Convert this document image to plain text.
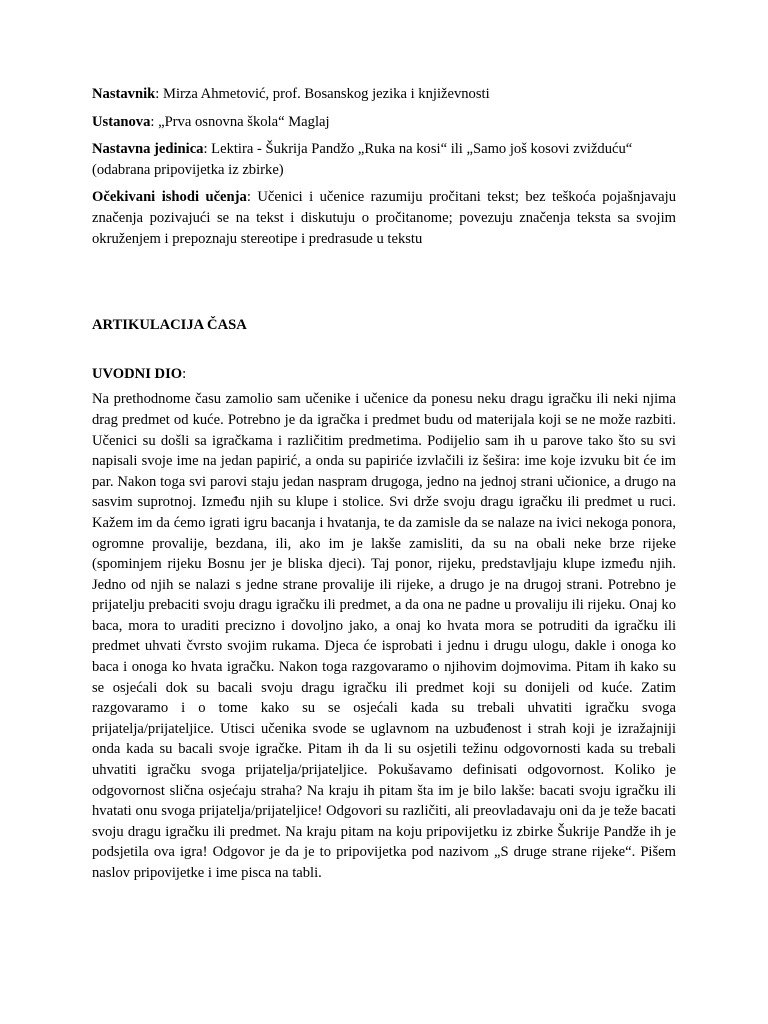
Nastavnik: Mirza Ahmetović, prof. Bosanskog jezika i književnosti

Ustanova: „Prva osnovna škola“ Maglaj

Nastavna jedinica: Lektira - Šukrija Pandžo „Ruka na kosi“ ili „Samo još kosovi zvižduću“ (odabrana pripovijetka iz zbirke)

Očekivani ishodi učenja: Učenici i učenice razumiju pročitani tekst; bez teškoća pojašnjavaju značenja pozivajući se na tekst i diskutuju o pročitanome; povezuju značenja teksta sa svojim okruženjem i prepoznaju stereotipe i predrasude u tekstu

ARTIKULACIJA ČASA

UVODNI DIO:

Na prethodnome času zamolio sam učenike i učenice da ponesu neku dragu igračku ili neki njima drag predmet od kuće. Potrebno je da igračka i predmet budu od materijala koji se ne može razbiti. Učenici su došli sa igračkama i različitim predmetima. Podijelio sam ih u parove tako što su svi napisali svoje ime na jedan papirić, a onda su papiriće izvlačili iz šešira: ime koje izvuku bit će im par. Nakon toga svi parovi staju jedan naspram drugoga, jedno na jednoj strani učionice, a drugo na sasvim suprotnoj. Između njih su klupe i stolice. Svi drže svoju dragu igračku ili predmet u ruci. Kažem im da ćemo igrati igru bacanja i hvatanja, te da zamisle da se nalaze na ivici nekoga ponora, ogromne provalije, bezdana, ili, ako im je lakše zamisliti, da su na obali neke brze rijeke (spominjem rijeku Bosnu jer je bliska djeci). Taj ponor, rijeku, predstavljaju klupe između njih. Jedno od njih se nalazi s jedne strane provalije ili rijeke, a drugo je na drugoj strani. Potrebno je prijatelju prebaciti svoju dragu igračku ili predmet, a da ona ne padne u provaliju ili rijeku. Onaj ko baca, mora to uraditi precizno i dovoljno jako, a onaj ko hvata mora se potruditi da igračku ili predmet uhvati čvrsto svojim rukama. Djeca će isprobati i jednu i drugu ulogu, dakle i onoga ko baca i onoga ko hvata igračku. Nakon toga razgovaramo o njihovim dojmovima. Pitam ih kako su se osjećali dok su bacali svoju dragu igračku ili predmet koji su donijeli od kuće. Zatim razgovaramo i o tome kako su se osjećali kada su trebali uhvatiti igračku svoga prijatelja/prijateljice. Utisci učenika svode se uglavnom na uzbuđenost i strah koji je izražajniji onda kada su bacali svoje igračke. Pitam ih da li su osjetili težinu odgovornosti kada su trebali uhvatiti igračku svoga prijatelja/prijateljice. Pokušavamo definisati odgovornost. Koliko je odgovornost slična osjećaju straha? Na kraju ih pitam šta im je bilo lakše: bacati svoju igračku ili hvatati onu svoga prijatelja/prijateljice! Odgovori su različiti, ali preovladavaju oni da je teže bacati svoju dragu igračku ili predmet. Na kraju pitam na koju pripovijetku iz zbirke Šukrije Pandže ih je podsjetila ova igra! Odgovor je da je to pripovijetka pod nazivom „S druge strane rijeke“. Pišem naslov pripovijetke i ime pisca na tabli.
